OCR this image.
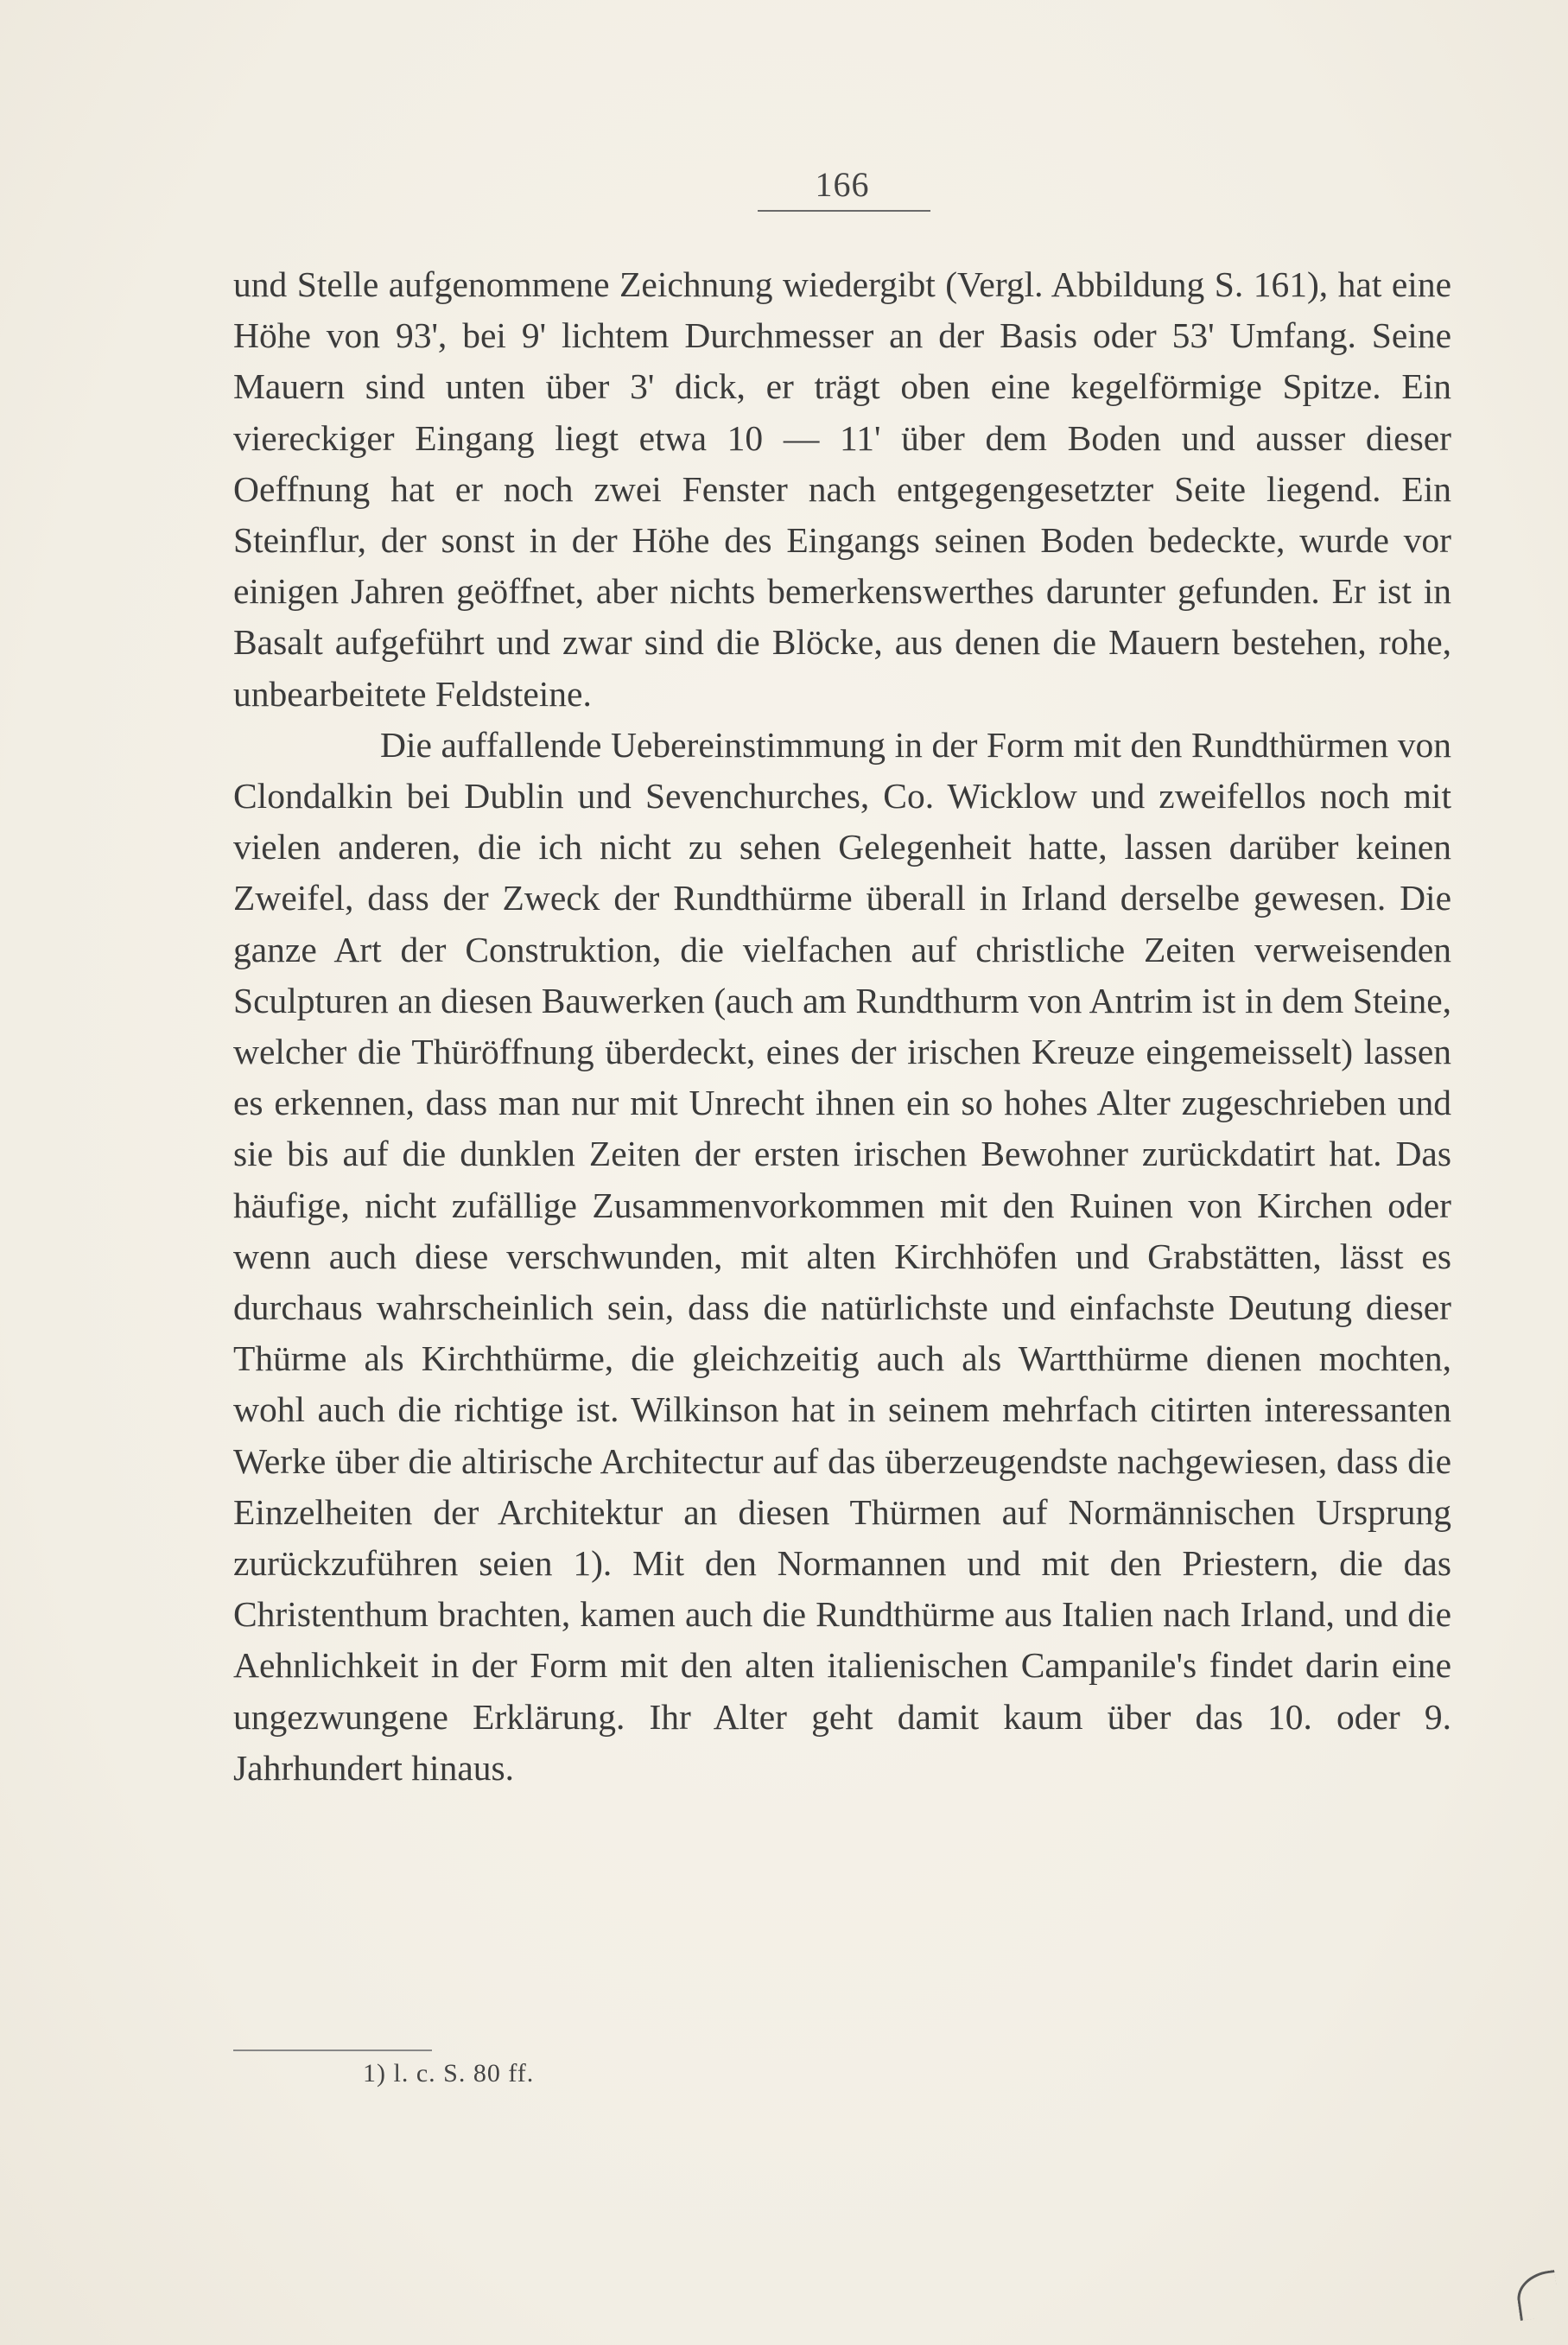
166

und Stelle aufgenommene Zeichnung wiedergibt (Vergl. Abbildung S. 161), hat eine Höhe von 93', bei 9' lichtem Durchmesser an der Basis oder 53' Umfang. Seine Mauern sind unten über 3' dick, er trägt oben eine kegelförmige Spitze. Ein viereckiger Eingang liegt etwa 10 — 11' über dem Boden und ausser dieser Oeffnung hat er noch zwei Fenster nach entgegengesetzter Seite liegend. Ein Steinflur, der sonst in der Höhe des Eingangs seinen Boden bedeckte, wurde vor einigen Jahren geöffnet, aber nichts bemerkenswerthes darunter gefunden. Er ist in Basalt aufgeführt und zwar sind die Blöcke, aus denen die Mauern bestehen, rohe, unbearbeitete Feldsteine.

Die auffallende Uebereinstimmung in der Form mit den Rundthürmen von Clondalkin bei Dublin und Sevenchurches, Co. Wicklow und zweifellos noch mit vielen anderen, die ich nicht zu sehen Gelegenheit hatte, lassen darüber keinen Zweifel, dass der Zweck der Rundthürme überall in Irland derselbe gewesen. Die ganze Art der Construktion, die vielfachen auf christliche Zeiten verweisenden Sculpturen an diesen Bauwerken (auch am Rundthurm von Antrim ist in dem Steine, welcher die Thüröffnung überdeckt, eines der irischen Kreuze eingemeisselt) lassen es erkennen, dass man nur mit Unrecht ihnen ein so hohes Alter zugeschrieben und sie bis auf die dunklen Zeiten der ersten irischen Bewohner zurückdatirt hat. Das häufige, nicht zufällige Zusammenvorkommen mit den Ruinen von Kirchen oder wenn auch diese verschwunden, mit alten Kirchhöfen und Grabstätten, lässt es durchaus wahrscheinlich sein, dass die natürlichste und einfachste Deutung dieser Thürme als Kirchthürme, die gleichzeitig auch als Wartthürme dienen mochten, wohl auch die richtige ist. Wilkinson hat in seinem mehrfach citirten interessanten Werke über die altirische Architectur auf das überzeugendste nachgewiesen, dass die Einzelheiten der Architektur an diesen Thürmen auf Normännischen Ursprung zurückzuführen seien 1). Mit den Normannen und mit den Priestern, die das Christenthum brachten, kamen auch die Rundthürme aus Italien nach Irland, und die Aehnlichkeit in der Form mit den alten italienischen Campanile's findet darin eine ungezwungene Erklärung. Ihr Alter geht damit kaum über das 10. oder 9. Jahrhundert hinaus.

1) l. c. S. 80 ff.
